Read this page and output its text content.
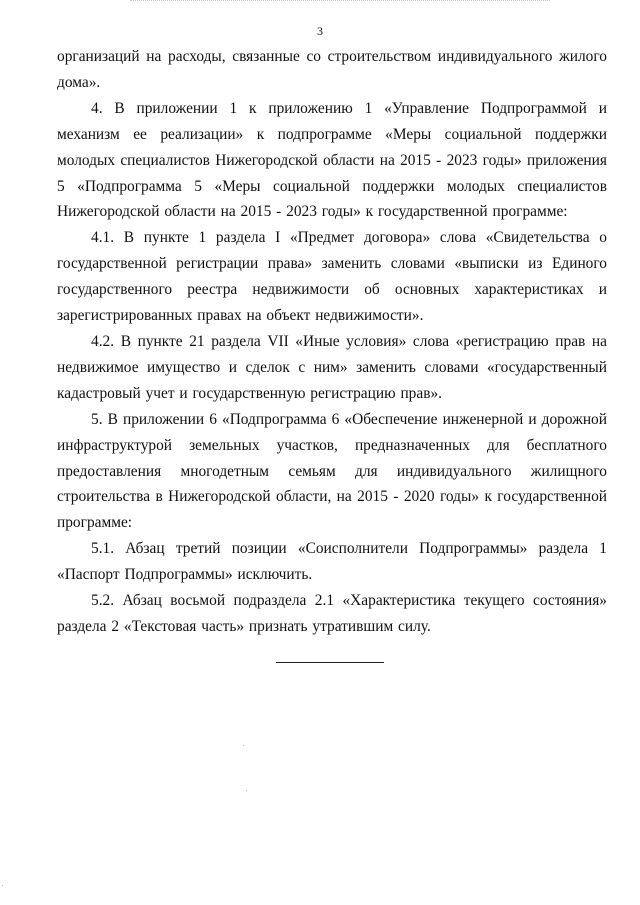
3

организаций на расходы, связанные со строительством индивидуального жилого дома».

4. В приложении 1 к приложению 1 «Управление Подпрограммой и механизм ее реализации» к подпрограмме «Меры социальной поддержки молодых специалистов Нижегородской области на 2015 - 2023 годы» приложения 5 «Подпрограмма 5 «Меры социальной поддержки молодых специалистов Нижегородской области на 2015 - 2023 годы» к государственной программе:

4.1. В пункте 1 раздела I «Предмет договора» слова «Свидетельства о государственной регистрации права» заменить словами «выписки из Единого государственного реестра недвижимости об основных характеристиках и зарегистрированных правах на объект недвижимости».

4.2. В пункте 21 раздела VII «Иные условия» слова «регистрацию прав на недвижимое имущество и сделок с ним» заменить словами «государственный кадастровый учет и государственную регистрацию прав».

5. В приложении 6 «Подпрограмма 6 «Обеспечение инженерной и дорожной инфраструктурой земельных участков, предназначенных для бесплатного предоставления многодетным семьям для индивидуального жилищного строительства в Нижегородской области, на 2015 - 2020 годы» к государственной программе:

5.1. Абзац третий позиции «Соисполнители Подпрограммы» раздела 1 «Паспорт Подпрограммы» исключить.

5.2. Абзац восьмой подраздела 2.1 «Характеристика текущего состояния» раздела 2 «Текстовая часть» признать утратившим силу.
